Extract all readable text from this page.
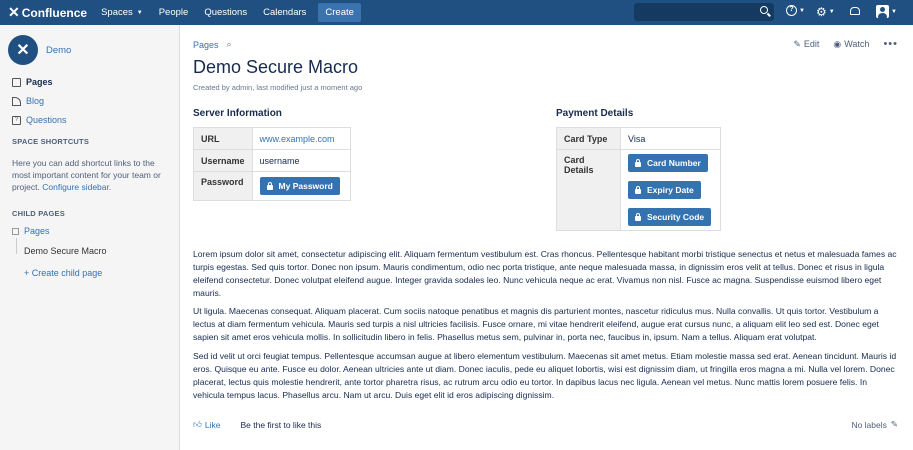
✕ Confluence Spaces ▼ People Questions Calendars	Create	? ▼ ⚙ ▼	▼
✕	Demo
Pages
Blog
? Questions
SPACE SHORTCUTS
Here you can add shortcut links to the most important content for your team or project. Configure sidebar.
CHILD PAGES
Pages
Demo Secure Macro
+ Create child page
Pages ⌕	✎ Edit ◉ Watch •••
Demo Secure Macro
Created by admin, last modified just a moment ago
Server Information
URL	www.example.com
Username	username
Password	My Password
Payment Details
Card Type	Visa
Card Details	Card Number
Expiry Date
Security Code

Lorem ipsum dolor sit amet, consectetur adipiscing elit. Aliquam fermentum vestibulum est. Cras rhoncus. Pellentesque habitant morbi tristique senectus et netus et malesuada fames ac turpis egestas. Sed quis tortor. Donec non ipsum. Mauris condimentum, odio nec porta tristique, ante neque malesuada massa, in dignissim eros velit at tellus. Donec et risus in ligula eleifend consectetur. Donec volutpat eleifend augue. Integer gravida sodales leo. Nunc vehicula neque ac erat. Vivamus non nisl. Fusce ac magna. Suspendisse euismod libero eget mauris.

Ut ligula. Maecenas consequat. Aliquam placerat. Cum sociis natoque penatibus et magnis dis parturient montes, nascetur ridiculus mus. Nulla convallis. Ut quis tortor. Vestibulum a lectus at diam fermentum vehicula. Mauris sed turpis a nisl ultricies facilisis. Fusce ornare, mi vitae hendrerit eleifend, augue erat cursus nunc, a aliquam elit leo sed est. Donec eget sapien sit amet eros vehicula mollis. In sollicitudin libero in felis. Phasellus metus sem, pulvinar in, porta nec, faucibus in, ipsum. Nam a tellus. Aliquam erat volutpat.

Sed id velit ut orci feugiat tempus. Pellentesque accumsan augue at libero elementum vestibulum. Maecenas sit amet metus. Etiam molestie massa sed erat. Aenean tincidunt. Mauris id eros. Quisque eu ante. Fusce eu dolor. Aenean ultricies ante ut diam. Donec iaculis, pede eu aliquet lobortis, wisi est dignissim diam, ut fringilla eros magna a mi. Nulla vel lorem. Donec placerat, lectus quis molestie hendrerit, ante tortor pharetra risus, ac rutrum arcu odio eu tortor. In dapibus lacus nec ligula. Aenean vel metus. Nunc mattis lorem posuere felis. In vehicula tempus lacus. Phasellus arcu. Nam ut arcu. Duis eget elit id eros adipiscing dignissim.

👍︎ Like Be the first to like this	No labels ✎
